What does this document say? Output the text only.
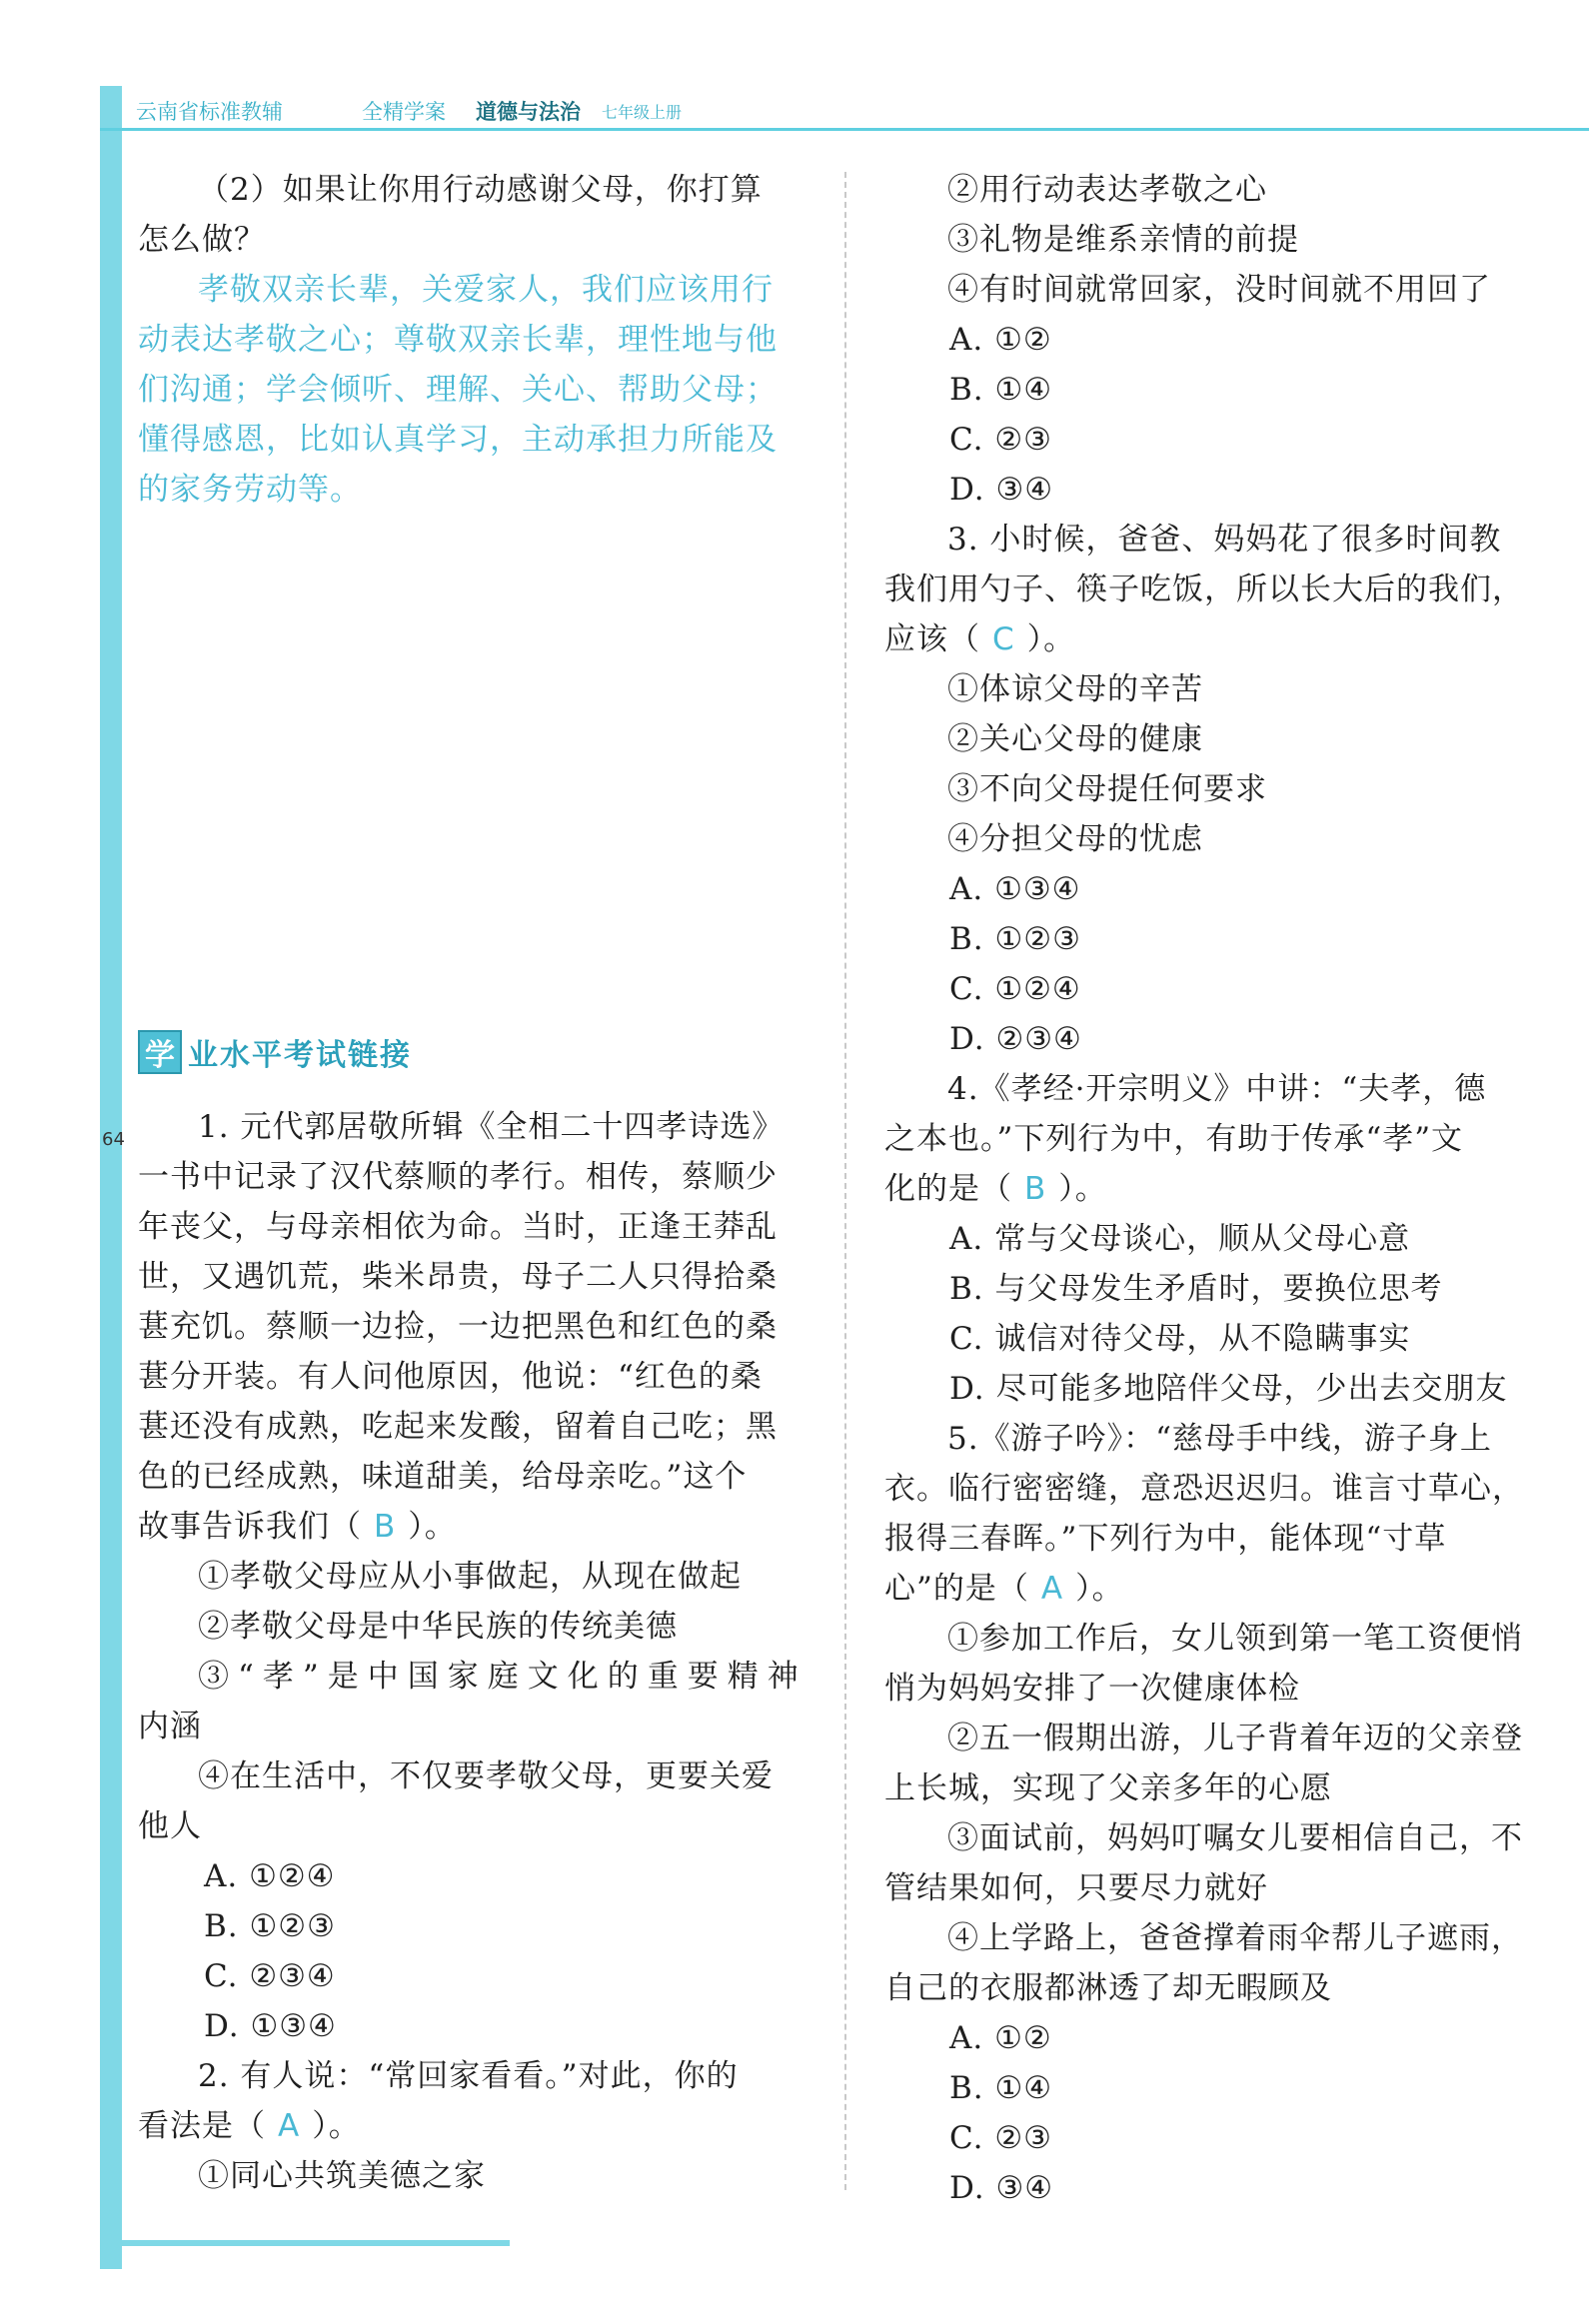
云南省标准教辅	全精学案 道德与法治 七年级上册
64
（2）如果让你用行动感谢父母，你打算
怎么做？
孝敬双亲长辈，关爱家人，我们应该用行
动表达孝敬之心；尊敬双亲长辈，理性地与他
们沟通；学会倾听、理解、关心、帮助父母；
懂得感恩，比如认真学习，主动承担力所能及
的家务劳动等。
学 业水平考试链接
1. 元代郭居敬所辑《全相二十四孝诗选》
一书中记录了汉代蔡顺的孝行。相传，蔡顺少
年丧父，与母亲相依为命。当时，正逢王莽乱
世，又遇饥荒，柴米昂贵，母子二人只得拾桑
葚充饥。蔡顺一边捡，一边把黑色和红色的桑
葚分开装。有人问他原因，他说：“红色的桑
葚还没有成熟，吃起来发酸，留着自己吃；黑
色的已经成熟，味道甜美，给母亲吃。”这个
故事告诉我们（ B ）。
①孝敬父母应从小事做起，从现在做起
②孝敬父母是中华民族的传统美德
③“孝”是中国家庭文化的重要精神
内涵
④在生活中，不仅要孝敬父母，更要关爱
他人
A. ①②④
B. ①②③
C. ②③④
D. ①③④
2. 有人说：“常回家看看。”对此，你的
看法是（ A ）。
①同心共筑美德之家
②用行动表达孝敬之心
③礼物是维系亲情的前提
④有时间就常回家，没时间就不用回了
A. ①②
B. ①④
C. ②③
D. ③④
3. 小时候，爸爸、妈妈花了很多时间教
我们用勺子、筷子吃饭，所以长大后的我们，
应该（ C ）。
①体谅父母的辛苦
②关心父母的健康
③不向父母提任何要求
④分担父母的忧虑
A. ①③④
B. ①②③
C. ①②④
D. ②③④
4.《孝经·开宗明义》中讲：“夫孝，德
之本也。”下列行为中，有助于传承“孝”文
化的是（ B ）。
A. 常与父母谈心，顺从父母心意
B. 与父母发生矛盾时，要换位思考
C. 诚信对待父母，从不隐瞒事实
D. 尽可能多地陪伴父母，少出去交朋友
5.《游子吟》：“慈母手中线，游子身上
衣。临行密密缝，意恐迟迟归。谁言寸草心，
报得三春晖。”下列行为中，能体现“寸草
心”的是（ A ）。
①参加工作后，女儿领到第一笔工资便悄
悄为妈妈安排了一次健康体检
②五一假期出游，儿子背着年迈的父亲登
上长城，实现了父亲多年的心愿
③面试前，妈妈叮嘱女儿要相信自己，不
管结果如何，只要尽力就好
④上学路上，爸爸撑着雨伞帮儿子遮雨，
自己的衣服都淋透了却无暇顾及
A. ①②
B. ①④
C. ②③
D. ③④
